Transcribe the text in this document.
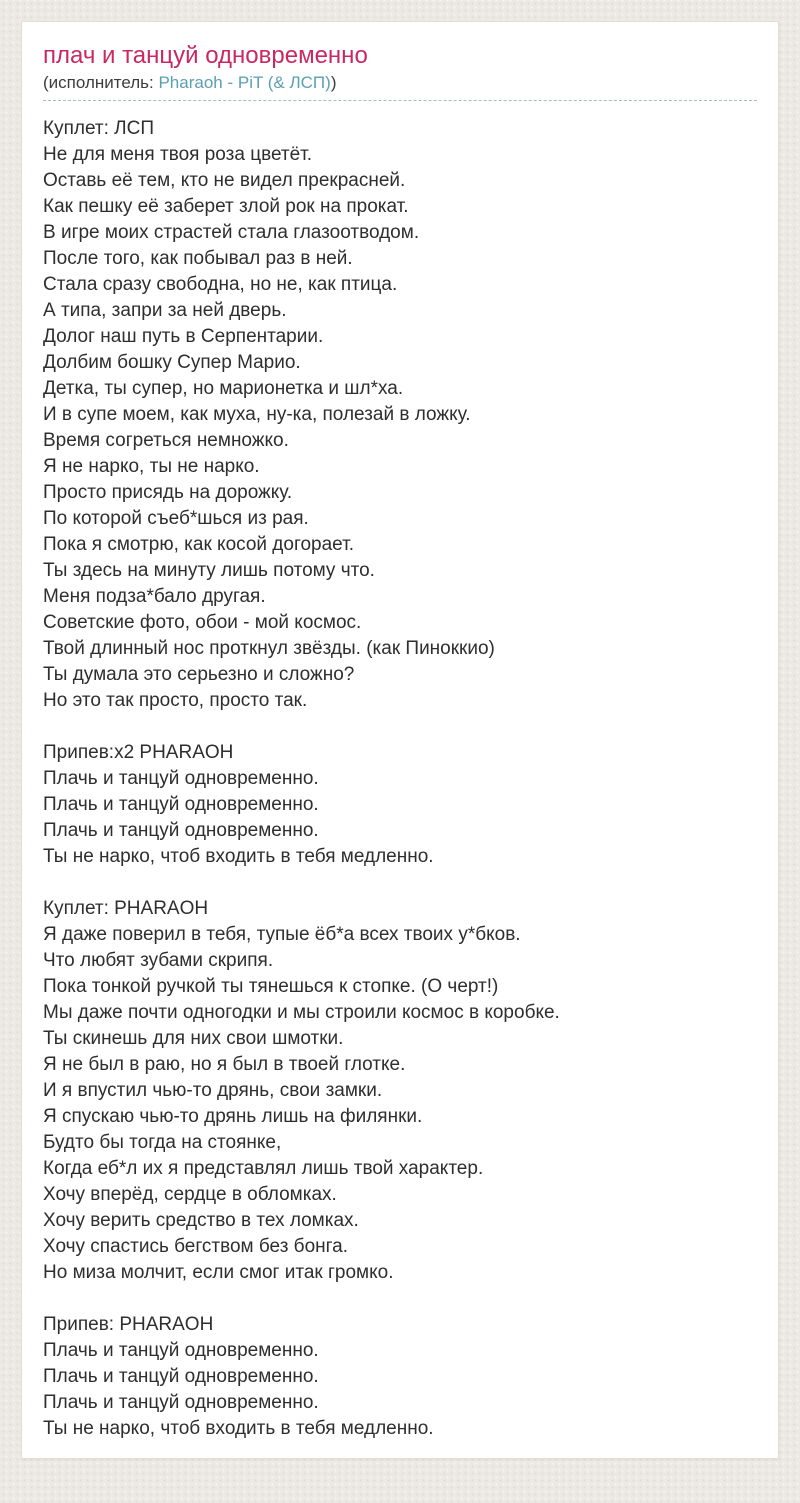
плач и танцуй одновременно
(исполнитель: Pharaoh - PiT (& ЛСП))
Куплет: ЛСП
Не для меня твоя роза цветёт.
Оставь её тем, кто не видел прекрасней.
Как пешку её заберет злой рок на прокат.
В игре моих страстей стала глазоотводом.
После того, как побывал раз в ней.
Стала сразу свободна, но не, как птица.
А типа, запри за ней дверь.
Долог наш путь в Серпентарии.
Долбим бошку Супер Марио.
Детка, ты супер, но марионетка и шл*ха.
И в супе моем, как муха, ну-ка, полезай в ложку.
Время согреться немножко.
Я не нарко, ты не нарко.
Просто присядь на дорожку.
По которой съеб*шься из рая.
Пока я смотрю, как косой догорает.
Ты здесь на минуту лишь потому что.
Меня подза*бало другая.
Советские фото, обои - мой космос.
Твой длинный нос проткнул звёзды. (как Пиноккио)
Ты думала это серьезно и сложно?
Но это так просто, просто так.
Припев:x2 PHARAOH
Плачь и танцуй одновременно.
Плачь и танцуй одновременно.
Плачь и танцуй одновременно.
Ты не нарко, чтоб входить в тебя медленно.
Куплет: PHARAOH
Я даже поверил в тебя, тупые ёб*а всех твоих у*бков.
Что любят зубами скрипя.
Пока тонкой ручкой ты тянешься к стопке. (О черт!)
Мы даже почти одногодки и мы строили космос в коробке.
Ты скинешь для них свои шмотки.
Я не был в раю, но я был в твоей глотке.
И я впустил чью-то дрянь, свои замки.
Я спускаю чью-то дрянь лишь на филянки.
Будто бы тогда на стоянке,
Когда еб*л их я представлял лишь твой характер.
Хочу вперёд, сердце в обломках.
Хочу верить средство в тех ломках.
Хочу спастись бегством без бонга.
Но миза молчит, если смог итак громко.
Припев: PHARAOH
Плачь и танцуй одновременно.
Плачь и танцуй одновременно.
Плачь и танцуй одновременно.
Ты не нарко, чтоб входить в тебя медленно.
